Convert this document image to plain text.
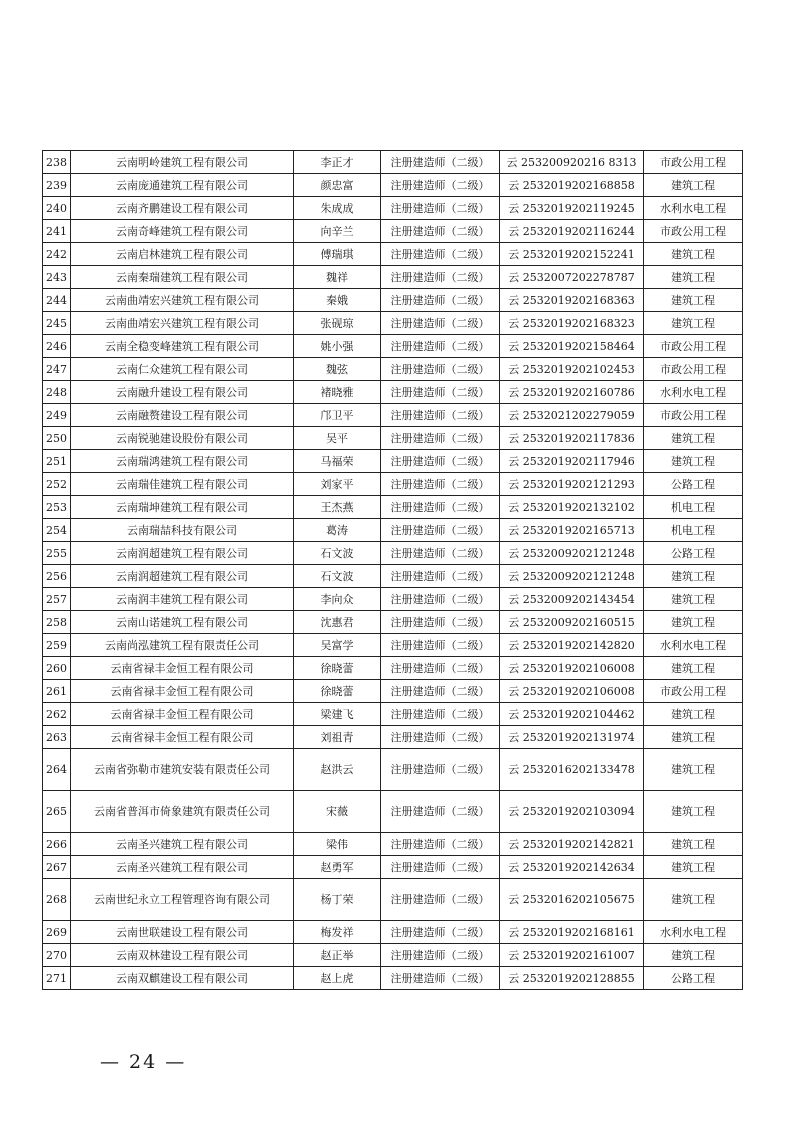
238	云南明岭建筑工程有限公司	李正才	注册建造师（二级）	云 253200920216 8313	市政公用工程
239	云南庞通建筑工程有限公司	颜忠富	注册建造师（二级）	云 2532019202168858	建筑工程
240	云南齐鹏建设工程有限公司	朱成成	注册建造师（二级）	云 2532019202119245	水利水电工程
241	云南奇峰建筑工程有限公司	向辛兰	注册建造师（二级）	云 2532019202116244	市政公用工程
242	云南启林建筑工程有限公司	傅瑞琪	注册建造师（二级）	云 2532019202152241	建筑工程
243	云南秦瑞建筑工程有限公司	魏祥	注册建造师（二级）	云 2532007202278787	建筑工程
244	云南曲靖宏兴建筑工程有限公司	秦娥	注册建造师（二级）	云 2532019202168363	建筑工程
245	云南曲靖宏兴建筑工程有限公司	张砚琼	注册建造师（二级）	云 2532019202168323	建筑工程
246	云南全稳变峰建筑工程有限公司	姚小强	注册建造师（二级）	云 2532019202158464	市政公用工程
247	云南仁众建筑工程有限公司	魏弦	注册建造师（二级）	云 2532019202102453	市政公用工程
248	云南融升建设工程有限公司	褚晓雅	注册建造师（二级）	云 2532019202160786	水利水电工程
249	云南融赘建设工程有限公司	邝卫平	注册建造师（二级）	云 2532021202279059	市政公用工程
250	云南锐驰建设股份有限公司	吴平	注册建造师（二级）	云 2532019202117836	建筑工程
251	云南瑞鸿建筑工程有限公司	马福荣	注册建造师（二级）	云 2532019202117946	建筑工程
252	云南瑞佳建筑工程有限公司	刘家平	注册建造师（二级）	云 2532019202121293	公路工程
253	云南瑞坤建筑工程有限公司	王杰燕	注册建造师（二级）	云 2532019202132102	机电工程
254	云南瑞喆科技有限公司	葛涛	注册建造师（二级）	云 2532019202165713	机电工程
255	云南润超建筑工程有限公司	石文波	注册建造师（二级）	云 2532009202121248	公路工程
256	云南润超建筑工程有限公司	石文波	注册建造师（二级）	云 2532009202121248	建筑工程
257	云南润丰建筑工程有限公司	李向众	注册建造师（二级）	云 2532009202143454	建筑工程
258	云南山诺建筑工程有限公司	沈惠君	注册建造师（二级）	云 2532009202160515	建筑工程
259	云南尚泓建筑工程有限责任公司	吴富学	注册建造师（二级）	云 2532019202142820	水利水电工程
260	云南省禄丰金恒工程有限公司	徐晓蕾	注册建造师（二级）	云 2532019202106008	建筑工程
261	云南省禄丰金恒工程有限公司	徐晓蕾	注册建造师（二级）	云 2532019202106008	市政公用工程
262	云南省禄丰金恒工程有限公司	梁建飞	注册建造师（二级）	云 2532019202104462	建筑工程
263	云南省禄丰金恒工程有限公司	刘祖青	注册建造师（二级）	云 2532019202131974	建筑工程
264	云南省弥勒市建筑安装有限责任公司	赵洪云	注册建造师（二级）	云 2532016202133478	建筑工程
265	云南省普洱市倚象建筑有限责任公司	宋薇	注册建造师（二级）	云 2532019202103094	建筑工程
266	云南圣兴建筑工程有限公司	梁伟	注册建造师（二级）	云 2532019202142821	建筑工程
267	云南圣兴建筑工程有限公司	赵勇军	注册建造师（二级）	云 2532019202142634	建筑工程
268	云南世纪永立工程管理咨询有限公司	杨丁荣	注册建造师（二级）	云 2532016202105675	建筑工程
269	云南世联建设工程有限公司	梅发祥	注册建造师（二级）	云 2532019202168161	水利水电工程
270	云南双林建设工程有限公司	赵正举	注册建造师（二级）	云 2532019202161007	建筑工程
271	云南双麒建设工程有限公司	赵上虎	注册建造师（二级）	云 2532019202128855	公路工程
— 24 —
